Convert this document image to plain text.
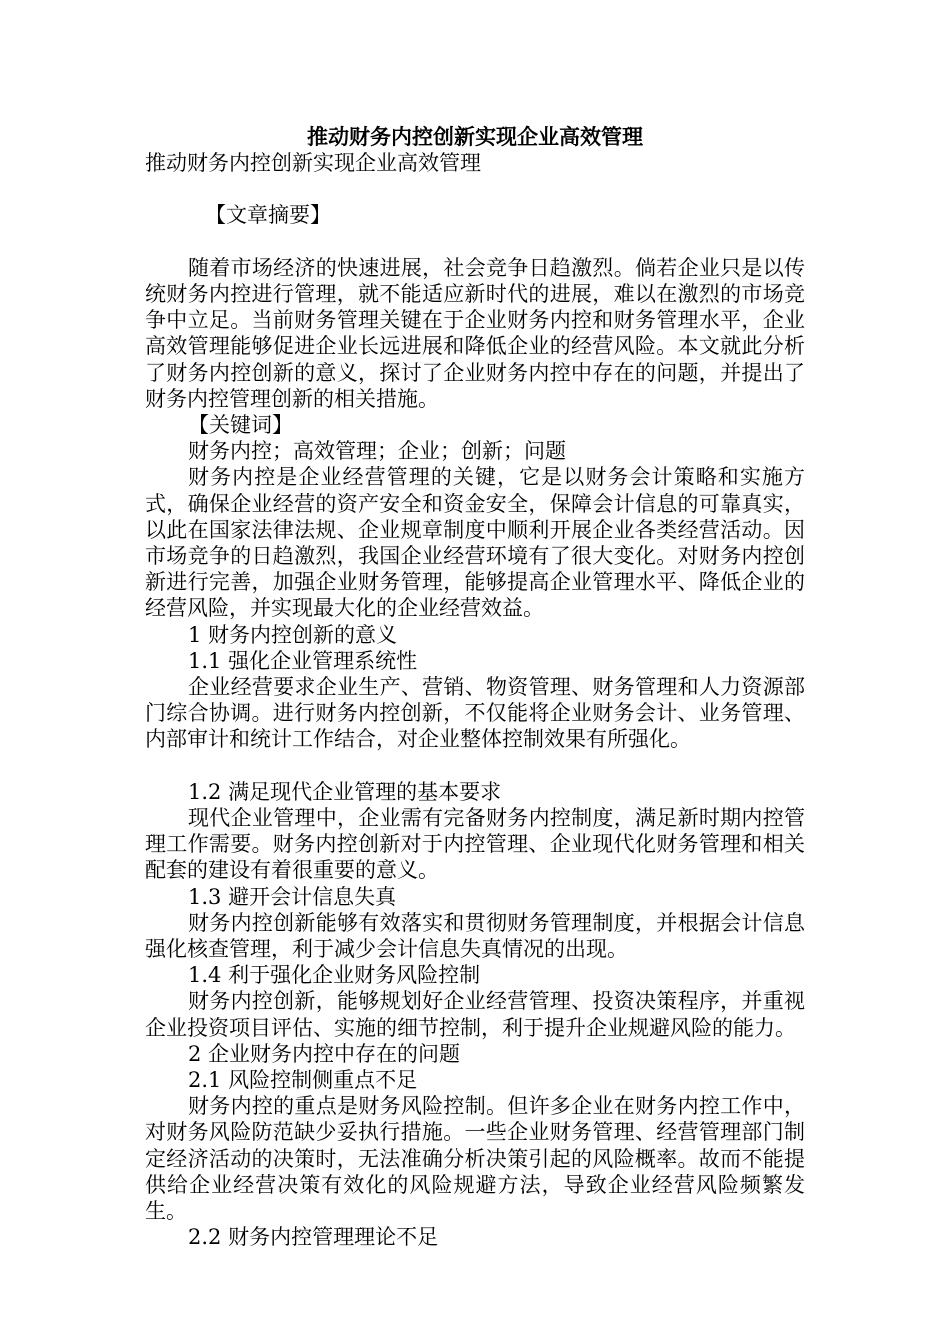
推动财务内控创新实现企业高效管理

推动财务内控创新实现企业高效管理

【文章摘要】

随着市场经济的快速进展，社会竞争日趋激烈。倘若企业只是以传统财务内控进行管理，就不能适应新时代的进展，难以在激烈的市场竞争中立足。当前财务管理关键在于企业财务内控和财务管理水平，企业高效管理能够促进企业长远进展和降低企业的经营风险。本文就此分析了财务内控创新的意义，探讨了企业财务内控中存在的问题，并提出了财务内控管理创新的相关措施。

【关键词】

财务内控；高效管理；企业；创新；问题

财务内控是企业经营管理的关键，它是以财务会计策略和实施方式，确保企业经营的资产安全和资金安全，保障会计信息的可靠真实，以此在国家法律法规、企业规章制度中顺利开展企业各类经营活动。因市场竞争的日趋激烈，我国企业经营环境有了很大变化。对财务内控创新进行完善，加强企业财务管理，能够提高企业管理水平、降低企业的经营风险，并实现最大化的企业经营效益。

1 财务内控创新的意义

1.1 强化企业管理系统性

企业经营要求企业生产、营销、物资管理、财务管理和人力资源部门综合协调。进行财务内控创新，不仅能将企业财务会计、业务管理、内部审计和统计工作结合，对企业整体控制效果有所强化。

1.2 满足现代企业管理的基本要求

现代企业管理中，企业需有完备财务内控制度，满足新时期内控管理工作需要。财务内控创新对于内控管理、企业现代化财务管理和相关配套的建设有着很重要的意义。

1.3 避开会计信息失真

财务内控创新能够有效落实和贯彻财务管理制度，并根据会计信息强化核查管理，利于减少会计信息失真情况的出现。

1.4 利于强化企业财务风险控制

财务内控创新，能够规划好企业经营管理、投资决策程序，并重视企业投资项目评估、实施的细节控制，利于提升企业规避风险的能力。

2 企业财务内控中存在的问题

2.1 风险控制侧重点不足

财务内控的重点是财务风险控制。但许多企业在财务内控工作中，对财务风险防范缺少妥执行措施。一些企业财务管理、经营管理部门制定经济活动的决策时，无法准确分析决策引起的风险概率。故而不能提供给企业经营决策有效化的风险规避方法，导致企业经营风险频繁发生。

2.2 财务内控管理理论不足
